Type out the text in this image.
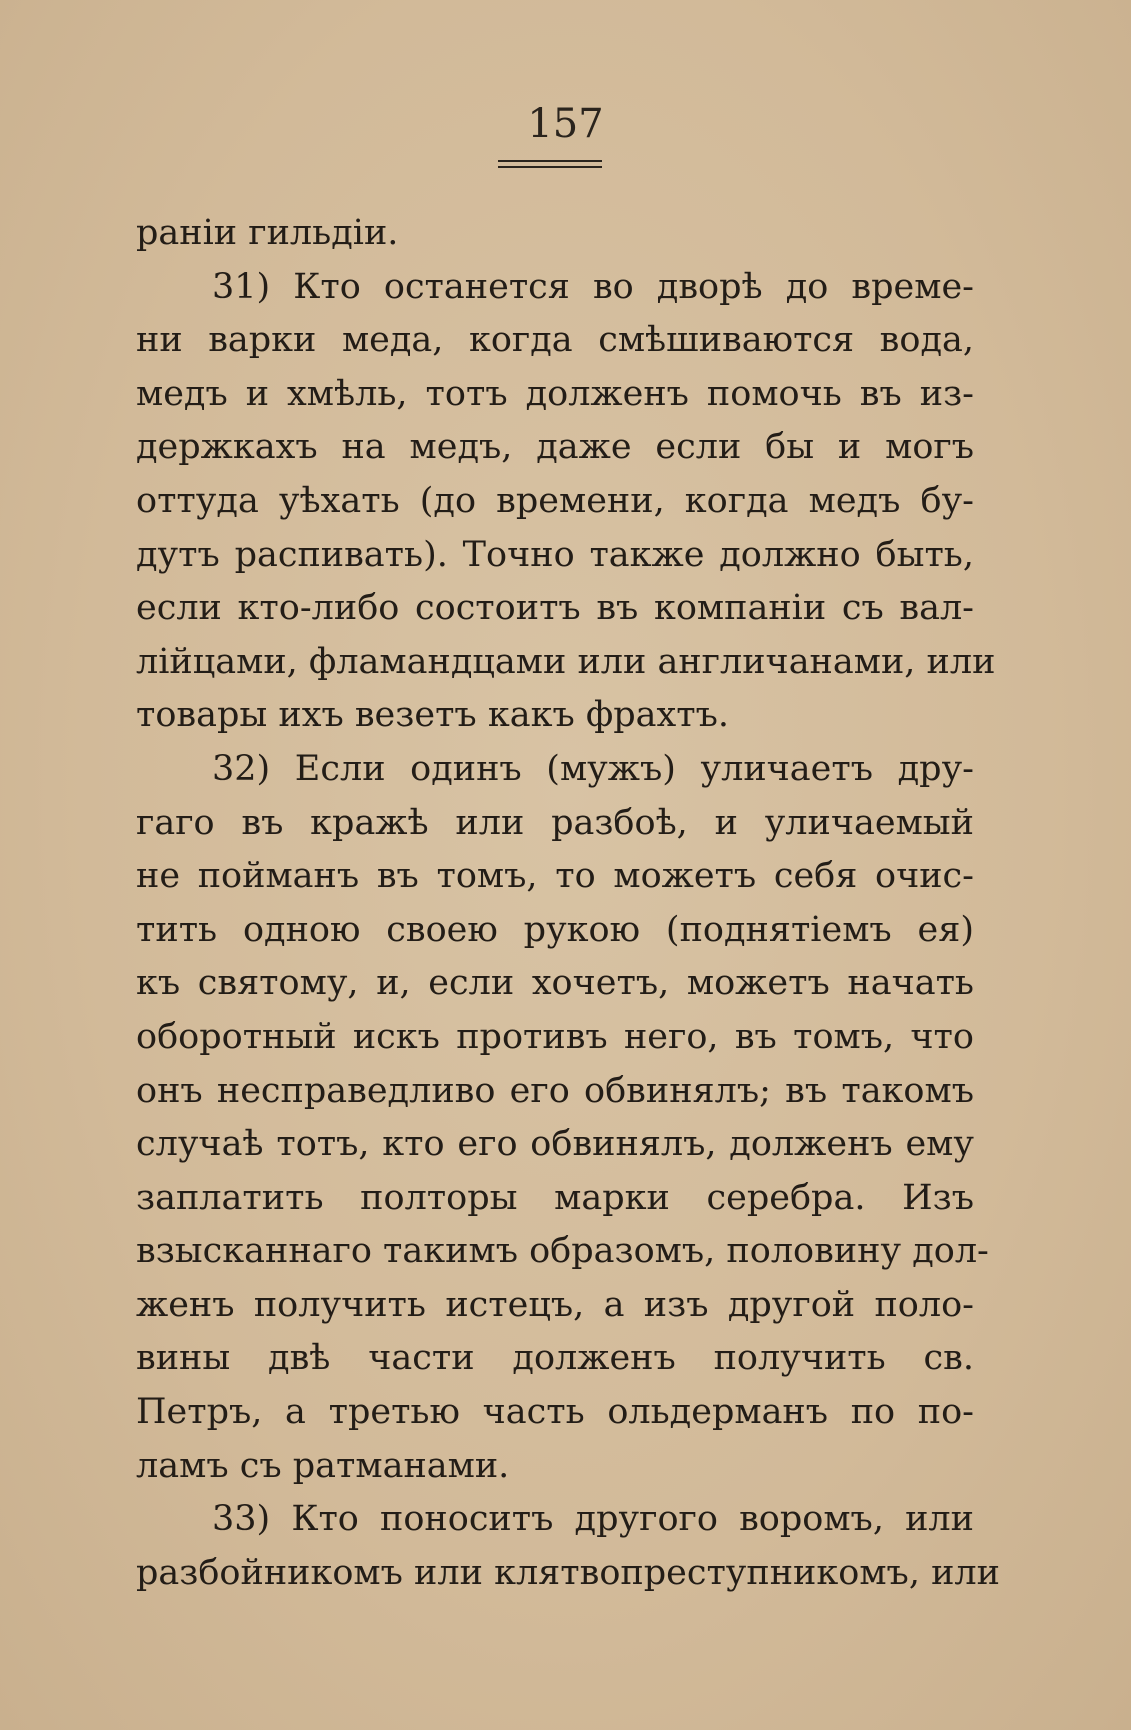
157
раніи гильдіи.
31) Кто останется во дворѣ до време-
ни варки меда, когда смѣшиваются вода,
медъ и хмѣль, тотъ долженъ помочь въ из-
держкахъ на медъ, даже если бы и могъ
оттуда уѣхать (до времени, когда медъ бу-
дутъ распивать). Точно также должно быть,
если кто-либо состоитъ въ компаніи съ вал-
лійцами, фламандцами или англичанами, или
товары ихъ везетъ какъ фрахтъ.
32) Если одинъ (мужъ) уличаетъ дру-
гаго въ кражѣ или разбоѣ, и уличаемый
не пойманъ въ томъ, то можетъ себя очис-
тить одною своею рукою (поднятіемъ ея)
къ святому, и, если хочетъ, можетъ начать
оборотный искъ противъ него, въ томъ, что
онъ несправедливо его обвинялъ; въ такомъ
случаѣ тотъ, кто его обвинялъ, долженъ ему
заплатить полторы марки серебра. Изъ
взысканнаго такимъ образомъ, половину дол-
женъ получить истецъ, а изъ другой поло-
вины двѣ части долженъ получить св.
Петръ, а третью часть ольдерманъ по по-
ламъ съ ратманами.
33) Кто поноситъ другого воромъ, или
разбойникомъ или клятвопреступникомъ, или
